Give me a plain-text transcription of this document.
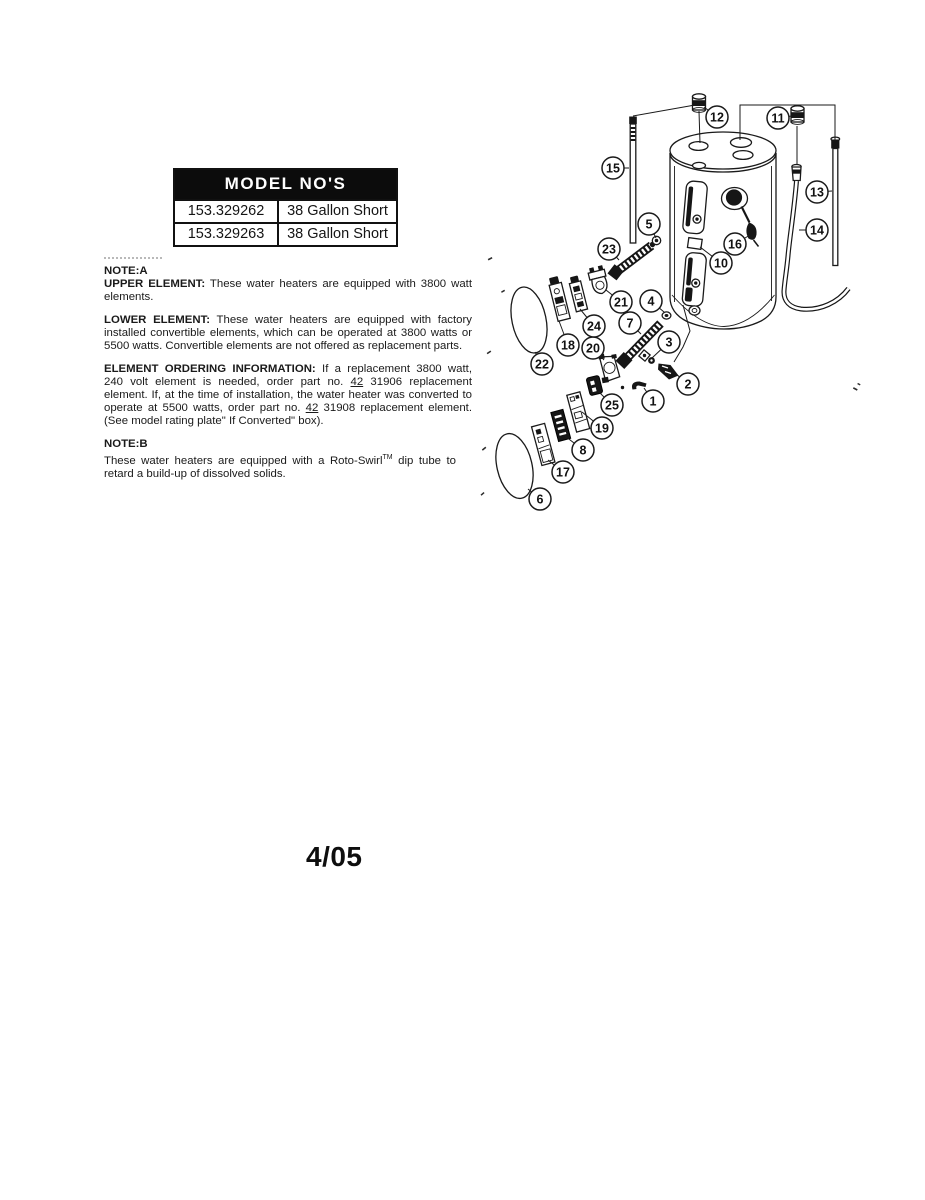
MODEL NO'S	
153.329262	38 Gallon Short
153.329263	38 Gallon Short

NOTE:A

UPPER ELEMENT: These water heaters are equipped with 3800 watt elements.

LOWER ELEMENT: These water heaters are equipped with factory installed convertible elements, which can be operated at 3800 watts or 5500 watts. Convertible elements are not offered as replacement parts.

ELEMENT ORDERING INFORMATION: If a replacement 3800 watt, 240 volt element is needed, order part no. 42 31906 replacement element. If, at the time of installation, the water heater was converted to operate at 5500 watts, order part no. 42 31908 replacement element. (See model rating plate" If Converted" box).

NOTE:B

These water heaters are equipped with a Roto-Swirl™ dip tube to retard a build-up of dissolved solids.

1
2
3
4
5
6
7
8
10
11
12
13
14
15
16
17
18
19
20
21
22
23
24
25
4/05
